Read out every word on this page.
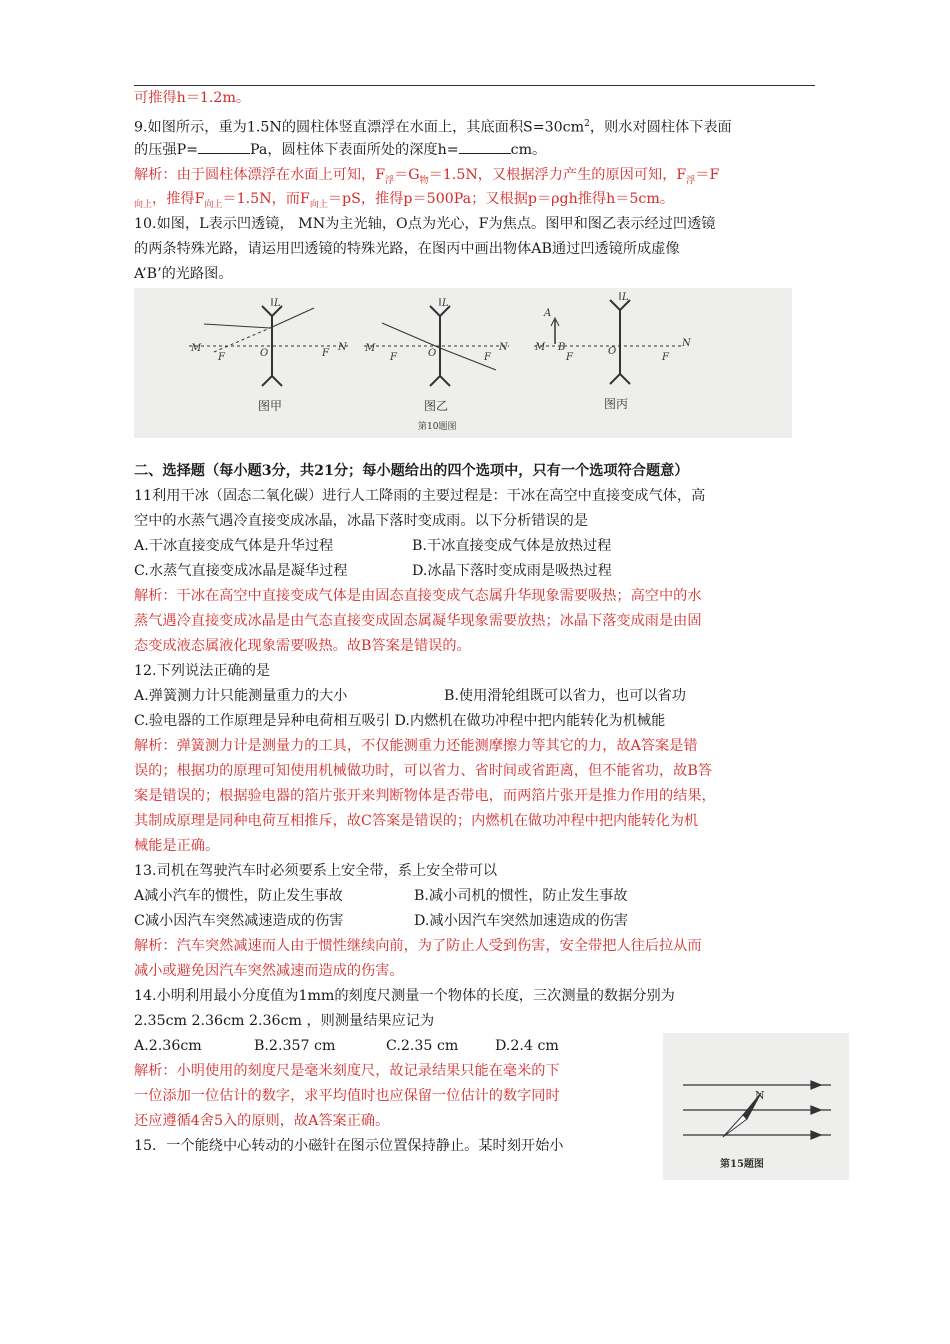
可推得h＝1.2m。
9.如图所示，重为1.5N的圆柱体竖直漂浮在水面上，其底面积$S=30cm^2$，则水对圆柱体下表面
的压强P=	Pa，圆柱体下表面所处的深度h=	cm。
解析：由于圆柱体漂浮在水面上可知，$F_浮=G_物=1.5N$，又根据浮力产生的原因可知，$F_浮=F$
$_{向上}$，推得$F_{向上}=1.5N$，而$F_{向上}=pS$，推得p＝500Pa；又根据p＝ρgh推得h＝5cm。
10.如图，L表示凹透镜， MN为主光轴，O点为光心，F为焦点。图甲和图乙表示经过凹透镜
的两条特殊光路，请运用凹透镜的特殊光路，在图丙中画出物体AB通过凹透镜所成虚像
A’B’的光路图。
M
F	O	F
N
L
M
F	O	F
N
L
A
M B
F
O
F
N
L
图甲	图乙	图丙
第10题图
二、选择题（每小题3分，共21分；每小题给出的四个选项中，只有一个选项符合题意）
11利用干冰（固态二氧化碳）进行人工降雨的主要过程是：干冰在高空中直接变成气体，高
空中的水蒸气遇冷直接变成冰晶，冰晶下落时变成雨。以下分析错误的是
A.干冰直接变成气体是升华过程	B.干冰直接变成气体是放热过程
C.水蒸气直接变成冰晶是凝华过程	D.冰晶下落时变成雨是吸热过程
解析：干冰在高空中直接变成气体是由固态直接变成气态属升华现象需要吸热；高空中的水
蒸气遇冷直接变成冰晶是由气态直接变成固态属凝华现象需要放热；冰晶下落变成雨是由固
态变成液态属液化现象需要吸热。故B答案是错误的。
12.下列说法正确的是
A.弹簧测力计只能测量重力的大小	B.使用滑轮组既可以省力，也可以省功
C.验电器的工作原理是异种电荷相互吸引 D.内燃机在做功冲程中把内能转化为机械能
解析：弹簧测力计是测量力的工具，不仅能测重力还能测摩擦力等其它的力，故A答案是错
误的；根据功的原理可知使用机械做功时，可以省力、省时间或省距离，但不能省功，故B答
案是错误的；根据验电器的箔片张开来判断物体是否带电，而两箔片张开是推力作用的结果，
其制成原理是同种电荷互相推斥，故C答案是错误的；内燃机在做功冲程中把内能转化为机
械能是正确。
13.司机在驾驶汽车时必须要系上安全带，系上安全带可以
A减小汽车的惯性，防止发生事故	B.减小司机的惯性，防止发生事故
C减小因汽车突然减速造成的伤害	D.减小因汽车突然加速造成的伤害
解析：汽车突然减速而人由于惯性继续向前，为了防止人受到伤害，安全带把人往后拉从而
减小或避免因汽车突然减速而造成的伤害。
14.小明利用最小分度值为1mm的刻度尺测量一个物体的长度，三次测量的数据分别为
2.35cm 2.36cm 2.36cm ，则测量结果应记为
A.2.36cm	B.2.357 cm	C.2.35 cm	D.2.4 cm
解析：小明使用的刻度尺是毫米刻度尺，故记录结果只能在毫米的下
一位添加一位估计的数字，求平均值时也应保留一位估计的数字同时
还应遵循4舍5入的原则，故A答案正确。
15．一个能绕中心转动的小磁针在图示位置保持静止。某时刻开始小
N
第15题图
